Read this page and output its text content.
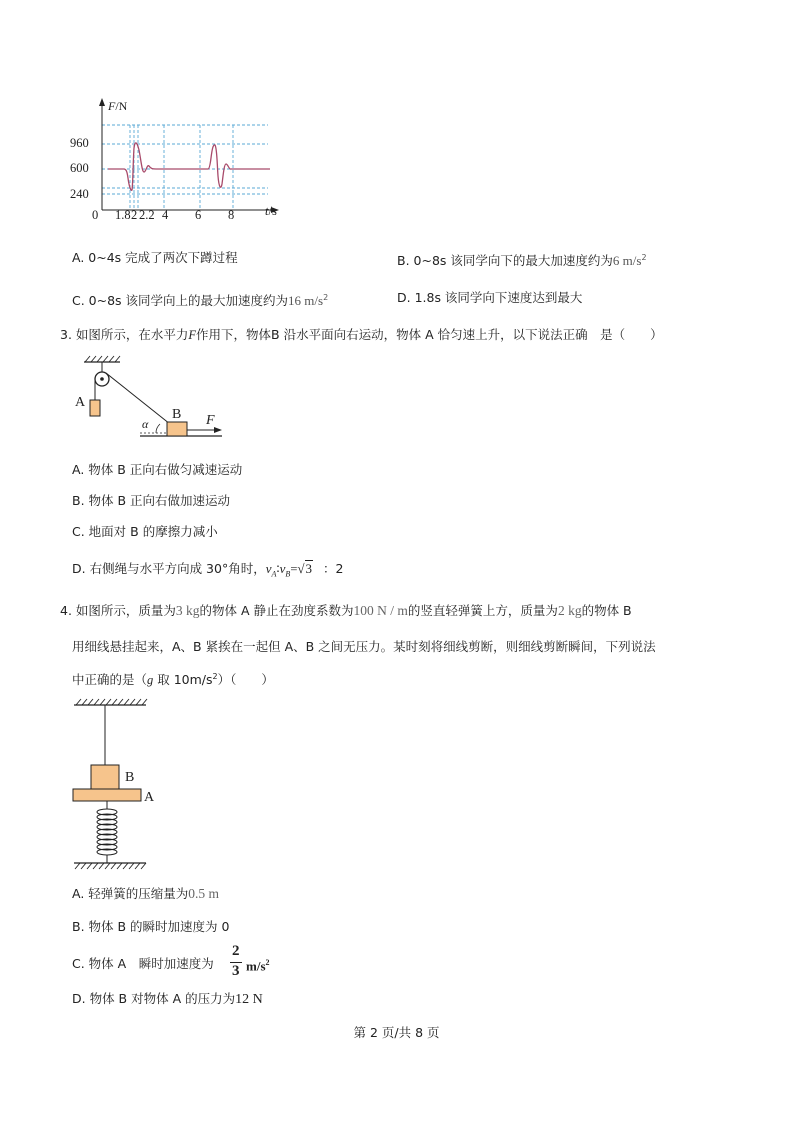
F/N
960
600
240
0 1.8 2 2.2 4 6 8 t/s
A. 0~4s 完成了两次下蹲过程	B. 0~8s 该同学向下的最大加速度约为6 $m/s^2$
C. 0~8s 该同学向上的最大加速度约为16 $m/s^2$	D. 1.8s 该同学向下速度达到最大
3. 如图所示，在水平力F作用下，物体B 沿水平面向右运动，物体 A 恰匀速上升，以下说法正确　是（　　）
A
B F
α
A. 物体 B 正向右做匀减速运动
B. 物体 B 正向右做加速运动
C. 地面对 B 的摩擦力减小
D. 右侧绳与水平方向成 30°角时，$v_A∶v_B=√3$ ：2
4. 如图所示，质量为3 kg的物体 A 静止在劲度系数为100 N / m的竖直轻弹簧上方，质量为2 kg的物体 B
用细线悬挂起来，A、B 紧挨在一起但 A、B 之间无压力。某时刻将细线剪断，则细线剪断瞬间，下列说法
中正确的是（g 取 $10m/s^2$）（　　）
B
A
A. 轻弹簧的压缩量为0.5 m
B. 物体 B 的瞬时加速度为 0
C. 物体 A　瞬时加速度为
2
3 $m/s^2$
D. 物体 B 对物体 A 的压力为12 N
第 2 页/共 8 页
